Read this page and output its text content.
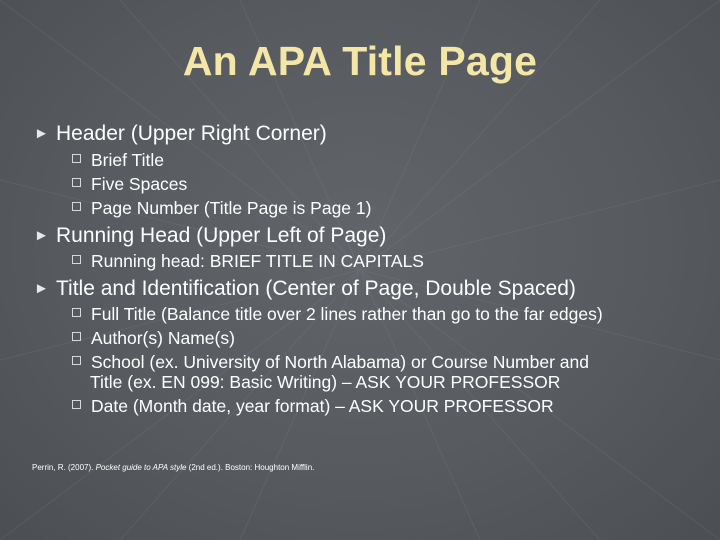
An APA Title Page
► Header (Upper Right Corner)
Brief Title
Five Spaces
Page Number (Title Page is Page 1)
► Running Head (Upper Left of Page)
Running head: BRIEF TITLE IN CAPITALS
► Title and Identification (Center of Page, Double Spaced)
Full Title (Balance title over 2 lines rather than go to the far edges)
Author(s) Name(s)
School (ex. University of North Alabama) or Course Number and
Title (ex. EN 099: Basic Writing) – ASK YOUR PROFESSOR
Date (Month date, year format) – ASK YOUR PROFESSOR
Perrin, R. (2007). Pocket guide to APA style (2nd ed.). Boston: Houghton Mifflin.
